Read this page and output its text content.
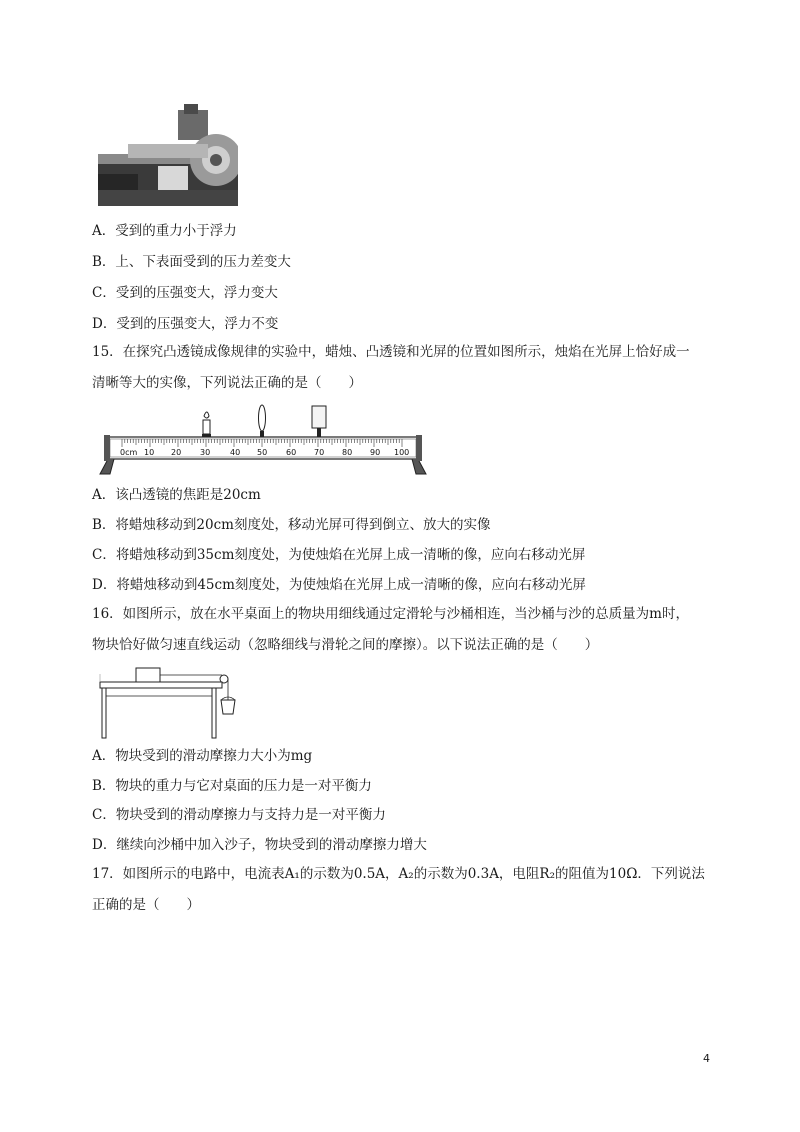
A．受到的重力小于浮力
B．上、下表面受到的压力差变大
C．受到的压强变大，浮力变大
D．受到的压强变大，浮力不变
15．在探究凸透镜成像规律的实验中，蜡烛、凸透镜和光屏的位置如图所示，烛焰在光屏上恰好成一
清晰等大的实像，下列说法正确的是（　　）
0cm 10 20 30 40 50 60 70 80 90 100
A．该凸透镜的焦距是20cm
B．将蜡烛移动到20cm刻度处，移动光屏可得到倒立、放大的实像
C．将蜡烛移动到35cm刻度处，为使烛焰在光屏上成一清晰的像，应向右移动光屏
D．将蜡烛移动到45cm刻度处，为使烛焰在光屏上成一清晰的像，应向右移动光屏
16．如图所示，放在水平桌面上的物块用细线通过定滑轮与沙桶相连，当沙桶与沙的总质量为m时，
物块恰好做匀速直线运动（忽略细线与滑轮之间的摩擦）。以下说法正确的是（　　）
A．物块受到的滑动摩擦力大小为mg
B．物块的重力与它对桌面的压力是一对平衡力
C．物块受到的滑动摩擦力与支持力是一对平衡力
D．继续向沙桶中加入沙子，物块受到的滑动摩擦力增大
17．如图所示的电路中，电流表A₁的示数为0.5A，A₂的示数为0.3A，电阻R₂的阻值为10Ω．下列说法
正确的是（　　）
4
